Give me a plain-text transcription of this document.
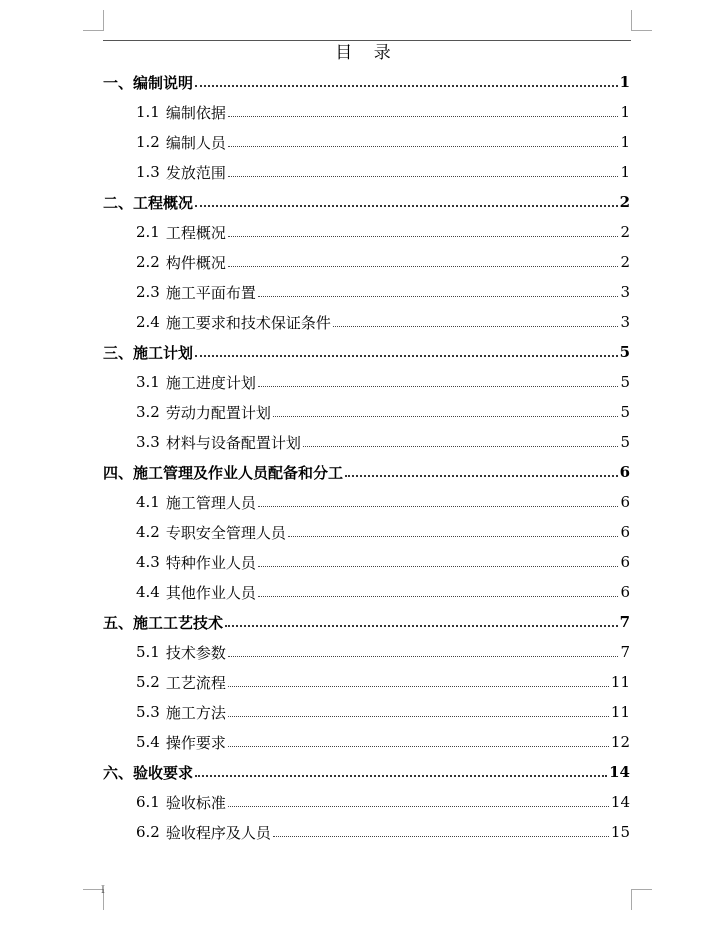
目 录
一、 编制说明	1
1.1 编制依据	1
1.2 编制人员	1
1.3 发放范围	1
二、 工程概况	2
2.1 工程概况	2
2.2 构件概况	2
2.3 施工平面布置	3
2.4 施工要求和技术保证条件	3
三、 施工计划	5
3.1 施工进度计划	5
3.2 劳动力配置计划	5
3.3 材料与设备配置计划	5
四、 施工管理及作业人员配备和分工	6
4.1 施工管理人员	6
4.2 专职安全管理人员	6
4.3 特种作业人员	6
4.4 其他作业人员	6
五、 施工工艺技术	7
5.1 技术参数	7
5.2 工艺流程	11
5.3 施工方法	11
5.4 操作要求	12
六、 验收要求	14
6.1 验收标准	14
6.2 验收程序及人员	15
I
